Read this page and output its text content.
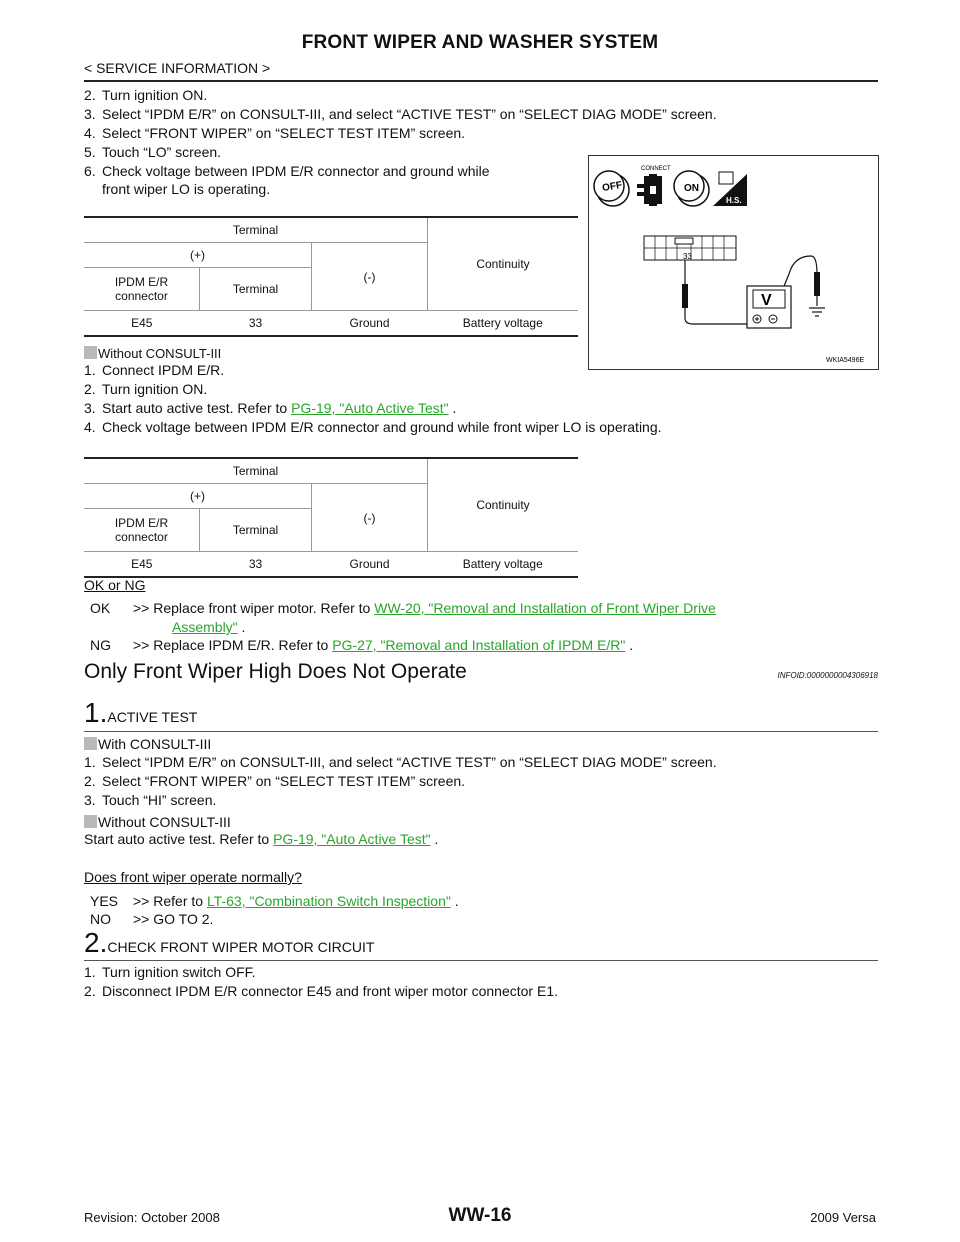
FRONT WIPER AND WASHER SYSTEM
< SERVICE INFORMATION >
2. Turn ignition ON.
3. Select “IPDM E/R” on CONSULT-III, and select “ACTIVE TEST” on “SELECT DIAG MODE” screen.
4. Select “FRONT WIPER” on “SELECT TEST ITEM” screen.
5. Touch “LO” screen.
6. Check voltage between IPDM E/R connector and ground while
front wiper LO is operating.
Terminal			Continuity
(+)		(-)	
IPDM E/R
connector	Terminal		
E45	33	Ground	Battery voltage
OFF
CONNECT
ON
H.S.
33
V
WKIA5496E
Without CONSULT-III
1. Connect IPDM E/R.
2. Turn ignition ON.
3. Start auto active test. Refer to PG-19, "Auto Active Test" .
4. Check voltage between IPDM E/R connector and ground while front wiper LO is operating.
Terminal			Continuity
(+)		(-)	
IPDM E/R
connector	Terminal		
E45	33	Ground	Battery voltage
OK or NG
OK >> Replace front wiper motor. Refer to WW-20, "Removal and Installation of Front Wiper Drive
Assembly" .
NG >> Replace IPDM E/R. Refer to PG-27, "Removal and Installation of IPDM E/R" .
Only Front Wiper High Does Not Operate	INFOID:0000000004306918
1.ACTIVE TEST
With CONSULT-III
1. Select “IPDM E/R” on CONSULT-III, and select “ACTIVE TEST” on “SELECT DIAG MODE” screen.
2. Select “FRONT WIPER” on “SELECT TEST ITEM” screen.
3. Touch “HI” screen.
Without CONSULT-III
Start auto active test. Refer to PG-19, "Auto Active Test" .
Does front wiper operate normally?
YES >> Refer to LT-63, "Combination Switch Inspection" .
NO >> GO TO 2.
2.CHECK FRONT WIPER MOTOR CIRCUIT
1. Turn ignition switch OFF.
2. Disconnect IPDM E/R connector E45 and front wiper motor connector E1.
Revision: October 2008	WW-16	2009 Versa
